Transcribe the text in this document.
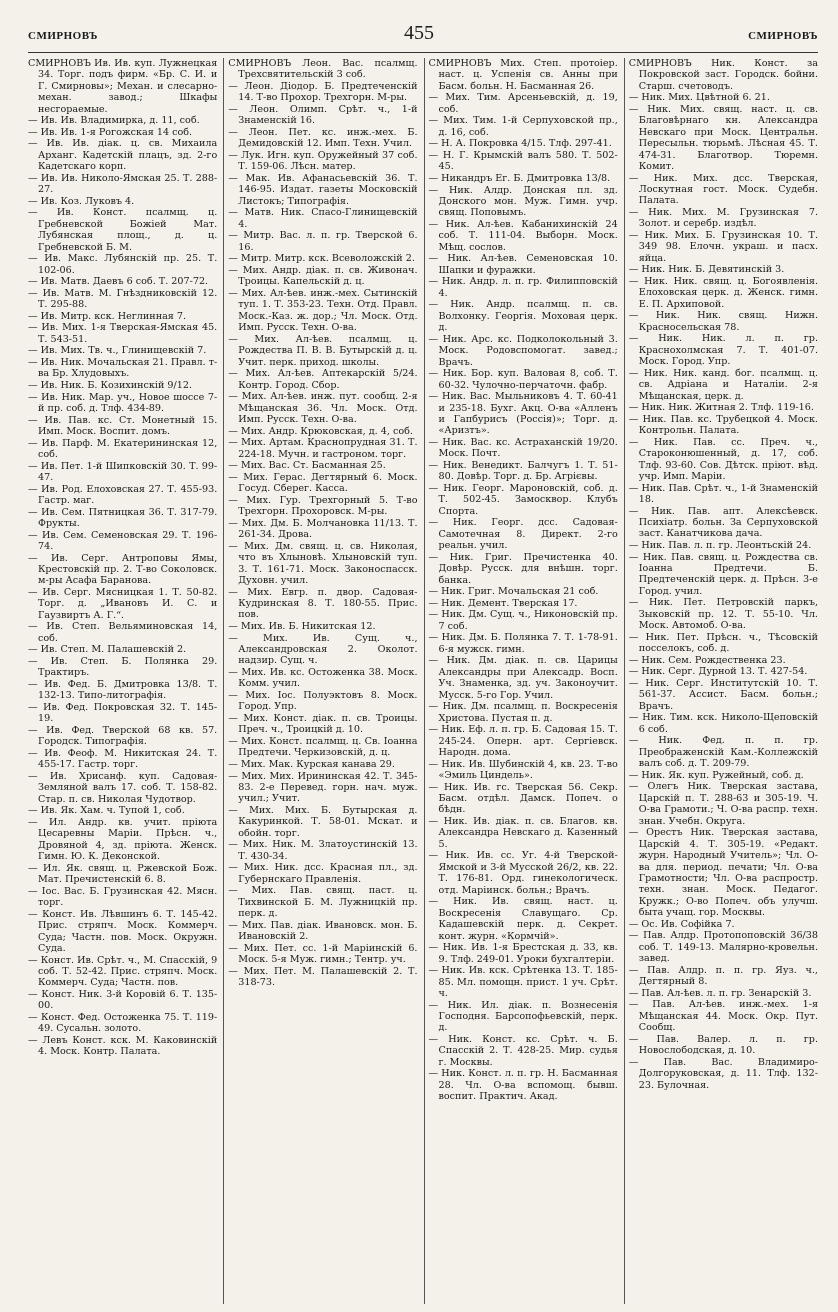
СМИРНОВЪ	455	СМИРНОВЪ
СМИРНОВЪ Ив. Ив. куп. Лужнецкая 34. Торг. подъ фирм. «Бр. С. И. и Г. Смирновы»; Механ. и слесарно-механ. завод.; Шкафы несгораемые.
— Ив. Ив. Владимирка, д. 11, соб.
— Ив. Ив. 1-я Рогожская 14 соб.
— Ив. Ив. діак. ц. св. Михаила Арханг. Кадетскій плацъ, зд. 2-го Кадетскаго корп.
— Ив. Ив. Николо-Ямская 25. Т. 288-27.
— Ив. Коз. Луковъ 4.
— Ив. Конст. псалмщ. ц. Гребневской Божіей Мат. Лубянская площ., д. ц. Гребневской Б. М.
— Ив. Макс. Лубянскій пр. 25. Т. 102-06.
— Ив. Матв. Даевъ 6 соб. Т. 207-72.
— Ив. Матв. М. Гнѣздниковскій 12. Т. 295-88.
— Ив. Митр. кск. Неглинная 7.
— Ив. Мих. 1-я Тверская-Ямская 45. Т. 543-51.
— Ив. Мих. Тв. ч., Глинищевскій 7.
— Ив. Ник. Мочальская 21. Правл. т-ва Бр. Хлудовыхъ.
— Ив. Ник. Б. Козихинскій 9/12.
— Ив. Ник. Мар. уч., Новое шоссе 7-й пр. соб. д. Тлф. 434-89.
— Ив. Пав. кс. Ст. Монетный 15. Имп. Моск. Воспит. домъ.
— Ив. Парф. М. Екатерининская 12, соб.
— Ив. Пет. 1-й Шипковскій 30. Т. 99-47.
— Ив. Род. Елоховская 27. Т. 455-93. Гастр. маг.
— Ив. Сем. Пятницкая 36. Т. 317-79. Фрукты.
— Ив. Сем. Семеновская 29. Т. 196-74.
— Ив. Серг. Антроповы Ямы, Крестовскій пр. 2. Т-во Соколовск. м-ры Асафа Баранова.
— Ив. Серг. Мясницкая 1. Т. 50-82. Торг. д. „Ивановъ И. С. и Гаузвиртъ А. Г.“.
— Ив. Степ. Вельяминовская 14, соб.
— Ив. Степ. М. Палашевскій 2.
— Ив. Степ. Б. Полянка 29. Трактиръ.
— Ив. Фед. Б. Дмитровка 13/8. Т. 132-13. Типо-литографія.
— Ив. Фед. Покровская 32. Т. 145-19.
— Ив. Фед. Тверской 68 кв. 57. Городск. Типографія.
— Ив. Феоф. М. Никитская 24. Т. 455-17. Гастр. торг.
— Ив. Хрисанф. куп. Садовая-Земляной валъ 17. соб. Т. 158-82. Стар. п. св. Николая Чудотвор.
— Ив. Як. Хам. ч. Тупой 1, соб.
— Ил. Андр. кв. учит. пріюта Цесаревны Маріи. Прѣсн. ч., Дровяной 4, зд. пріюта. Женск. Гимн. Ю. К. Деконской.
— Ил. Як. свящ. ц. Ржевской Бож. Мат. Пречистенскій 6. 8.
— Іос. Вас. Б. Грузинская 42. Мясн. торг.
— Конст. Ив. Лѣвшинъ 6. Т. 145-42. Прис. стряпч. Моск. Коммерч. Суда; Частн. пов. Моск. Окружн. Суда.
— Конст. Ив. Срѣт. ч., М. Спасскій, 9 соб. Т. 52-42. Прис. стряпч. Моск. Коммерч. Суда; Частн. пов.
— Конст. Ник. 3-й Коровій 6. Т. 135-00.
— Конст. Фед. Остоженка 75. Т. 119-49. Сусальн. золото.
— Левъ Конст. кск. М. Каковинскій 4. Моск. Контр. Палата.
СМИРНОВЪ Леон. Вас. псалмщ. Трехсвятительскій 3 соб.
— Леон. Діодор. Б. Предтеченскій 14. Т-во Прохор. Трехгорн. М-ры.
— Леон. Олимп. Срѣт. ч., 1-й Знаменскій 16.
— Леон. Пет. кс. инж.-мех. Б. Демидовскій 12. Имп. Техн. Учил.
— Лук. Игн. куп. Оружейный 37 соб. Т. 159-06. Лѣсн. матер.
— Мак. Ив. Афанасьевскій 36. Т. 146-95. Издат. газеты Московскій Листокъ; Типографія.
— Матв. Ник. Спасо-Глинищевскій 4.
— Митр. Вас. л. п. гр. Тверской 6. 16.
— Митр. Митр. кск. Всеволожскій 2.
— Мих. Андр. діак. п. св. Живонач. Троицы. Капельскій д. ц.
— Мих. Ал-ѣев. инж.-мех. Сытинскій туп. 1. Т. 353-23. Техн. Отд. Правл. Моск.-Каз. ж. дор.; Чл. Моск. Отд. Имп. Русск. Техн. О-ва.
— Мих. Ал-ѣев. псалмщ. ц. Рождества П. В. В. Бутырскій д. ц. Учит. перк. приход. школы.
— Мих. Ал-ѣев. Аптекарскій 5/24. Контр. Город. Сбор.
— Мих. Ал-ѣев. инж. пут. сообщ. 2-я Мѣщанская 36. Чл. Моск. Отд. Имп. Русск. Техн. О-ва.
— Мих. Андр. Крюковская, д. 4, соб.
— Мих. Артам. Краснопрудная 31. Т. 224-18. Мучн. и гастроном. торг.
— Мих. Вас. Ст. Басманная 25.
— Мих. Герас. Дегтярный 6. Моск. Госуд. Сберег. Касса.
— Мих. Гур. Трехгорный 5. Т-во Трехгорн. Прохоровск. М-ры.
— Мих. Дм. Б. Молчановка 11/13. Т. 261-34. Дрова.
— Мих. Дм. свящ. ц. св. Николая, что въ Хлыновѣ. Хлыновскій туп. 3. Т. 161-71. Моск. Законоспасск. Духовн. учил.
— Мих. Евгр. п. двор. Садовая-Кудринская 8. Т. 180-55. Прис. пов.
— Мих. Ив. Б. Никитская 12.
— Мих. Ив. Сущ. ч., Александровская 2. Околот. надзир. Сущ. ч.
— Мих. Ив. кс. Остоженка 38. Моск. Комм. учил.
— Мих. Іос. Полуэктовъ 8. Моск. Город. Упр.
— Мих. Конст. діак. п. св. Троицы. Преч. ч., Троицкій д. 10.
— Мих. Конст. псалмщ. ц. Св. Іоанна Предтечи. Черкизовскій, д. ц.
— Мих. Мак. Курская канава 29.
— Мих. Мих. Ирининская 42. Т. 345-83. 2-е Перевед. горн. нач. муж. учил.; Учит.
— Мих. Мих. Б. Бутырская д. Какуринкой. Т. 58-01. Мскат. и обойн. торг.
— Мих. Ник. М. Златоустинскій 13. Т. 430-34.
— Мих. Ник. дсс. Красная пл., зд. Губернскаго Правленія.
— Мих. Пав. свящ. паст. ц. Тихвинской Б. М. Лужницкій пр. перк. д.
— Мих. Пав. діак. Ивановск. мон. Б. Ивановскій 2.
— Мих. Пет. сс. 1-й Маріинскій 6. Моск. 5-я Муж. гимн.; Тентр. уч.
— Мих. Пет. М. Палашевскій 2. Т. 318-73.
СМИРНОВЪ Мих. Степ. протоіер. наст. ц. Успенія св. Анны при Басм. больн. Н. Басманная 26.
— Мих. Тим. Арсеньевскій, д. 19, соб.
— Мих. Тим. 1-й Серпуховской пр., д. 16, соб.
— Н. А. Покровка 4/15. Тлф. 297-41.
— Н. Г. Крымскій валъ 580. Т. 502-45.
— Никандръ Ег. Б. Дмитровка 13/8.
— Ник. Алдр. Донская пл. зд. Донского мон. Муж. Гимн. учр. свящ. Поповымъ.
— Ник. Ал-ѣев. Кабанихинскій 24 соб. Т. 111-04. Выборн. Моск. Мѣщ. сослов.
— Ник. Ал-ѣев. Семеновская 10. Шапки и фуражки.
— Ник. Андр. л. п. гр. Филипповскій 4.
— Ник. Андр. псалмщ. п. св. Волхонку. Георгія. Моховая церк. д.
— Ник. Арс. кс. Подколокольный 3. Моск. Родовспомогат. завед.; Врачъ.
— Ник. Бор. куп. Валовая 8, соб. Т. 60-32. Чулочно-перчаточн. фабр.
— Ник. Вас. Мыльниковъ 4. Т. 60-41 и 235-18. Бухг. Акц. О-ва «Алленъ и Гапбурисъ (Россія)»; Торг. д. «Аризтъ».
— Ник. Вас. кс. Астраханскій 19/20. Моск. Почт.
— Ник. Венедикт. Балчугъ 1. Т. 51-80. Довѣр. Торг. д. Бр. Агрієвы.
— Ник. Георг. Мароновскій, соб. д. Т. 502-45. Замосквор. Клубъ Спорта.
— Ник. Георг. дсс. Садовая-Самотечная 8. Директ. 2-го реальн. учил.
— Ник. Григ. Пречистенка 40. Довѣр. Русск. для внѣшн. торг. банка.
— Ник. Григ. Мочальская 21 соб.
— Ник. Демент. Тверская 17.
— Ник. Дм. Сущ. ч., Никоновскій пр. 7 соб.
— Ник. Дм. Б. Полянка 7. Т. 1-78-91. 6-я мужск. гимн.
— Ник. Дм. діак. п. св. Царицы Александры при Алексадр. Восп. Уч. Знаменка, зд. уч. Законоучит. Мусск. 5-го Гор. Учил.
— Ник. Дм. псалмщ. п. Воскресенія Христова. Пустая п. д.
— Ник. Еф. л. п. гр. Б. Садовая 15. Т. 245-24. Оперн. арт. Сергіевск. Народн. дома.
— Ник. Ив. Шубинскій 4, кв. 23. Т-во «Эмиль Циндель».
— Ник. Ив. гс. Тверская 56. Секр. Басм. отдѣл. Дамск. Попеч. о бѣдн.
— Ник. Ив. діак. п. св. Благов. кв. Александра Невскаго д. Казенный 5.
— Ник. Ив. сс. Уг. 4-й Тверской-Ямской и 3-й Мусской 26/2, кв. 22. Т. 176-81. Орд. гинекологическ. отд. Маріинск. больн.; Врачъ.
— Ник. Ив. свящ. наст. ц. Воскресенія Славущаго. Ср. Кадашевскій перк. д. Секрет. конт. журн. «Кормчій».
— Ник. Ив. 1-я Брестская д. 33, кв. 9. Тлф. 249-01. Уроки бухгалтеріи.
— Ник. Ив. кск. Срѣтенка 13. Т. 185-85. Мл. помощн. прист. 1 уч. Срѣт. ч.
— Ник. Ил. діак. п. Вознесенія Господня. Барсопофьевскій, перк. д.
— Ник. Конст. кс. Срѣт. ч. Б. Спасскій 2. Т. 428-25. Мир. судья г. Москвы.
— Ник. Конст. л. п. гр. Н. Басманная 28. Чл. О-ва вспомощ. бывш. воспит. Практич. Акад.
СМИРНОВЪ Ник. Конст. за Покровской заст. Городск. бойни. Старш. счетоводъ.
— Ник. Мих. Цвѣтной 6. 21.
— Ник. Мих. свящ. наст. ц. св. Благовѣрнаго кн. Александра Невскаго при Моск. Центральн. Пересыльн. тюрьмѣ. Лѣсная 45. Т. 474-31. Благотвор. Тюремн. Комит.
— Ник. Мих. дсс. Тверская, Лоскутная гост. Моск. Судебн. Палата.
— Ник. Мих. М. Грузинская 7. Золот. и серебр. издѣл.
— Ник. Мих. Б. Грузинская 10. Т. 349 98. Елочн. украш. и пасх. яйца.
— Ник. Ник. Б. Девятинскій 3.
— Ник. Ник. свящ. ц. Богоявленія. Елоховская церк. д. Женск. гимн. Е. П. Архиповой.
— Ник. Ник. свящ. Нижн. Красносельская 78.
— Ник. Ник. л. п. гр. Краснохолмская 7. Т. 401-07. Моск. Город. Упр.
— Ник. Ник. канд. бог. псалмщ. ц. св. Адріана и Наталіи. 2-я Мѣщанская, церк. д.
— Ник. Ник. Житная 2. Тлф. 119-16.
— Ник. Пав. кс. Трубецкой 4. Моск. Контрольн. Палата.
— Ник. Пав. сс. Преч. ч., Староконюшенный, д. 17, соб. Тлф. 93-60. Сов. Дѣтск. пріют. вѣд. учр. Имп. Маріи.
— Ник. Пав. Срѣт. ч., 1-й Знаменскій 18.
— Ник. Пав. апт. Алексѣевск. Психіатр. больн. За Серпуховской заст. Канатчикова дача.
— Ник. Пав. л. п. гр. Леонтьскій 24.
— Ник. Пав. свящ. ц. Рождества св. Іоанна Предтечи. Б. Предтеченскій церк. д. Прѣсн. 3-е Город. учил.
— Ник. Пет. Петровскій паркъ, Зыковскій пр. 12. Т. 55-10. Чл. Моск. Автомоб. О-ва.
— Ник. Пет. Прѣсн. ч., Тѣсовскій посселокъ, соб. д.
— Ник. Сем. Рождественка 23.
— Ник. Серг. Дурной 13. Т. 427-54.
— Ник. Серг. Институтскій 10. Т. 561-37. Ассист. Басм. больн.; Врачъ.
— Ник. Тим. кск. Николо-Щеповскій 6 соб.
— Ник. Фед. п. п. гр. Преображенскій Кам.-Коллежскій валъ соб. д. Т. 209-79.
— Ник. Як. куп. Ружейный, соб. д.
— Олегъ Ник. Тверская застава, Царскій п. Т. 288-63 и 305-19. Ч. О-ва Грамоти.; Ч. О-ва распр. техн. знан. Учебн. Округа.
— Орестъ Ник. Тверская застава, Царскій 4. Т. 305-19. «Редакт. журн. Народный Учитель»; Чл. О-ва для. период. печати; Чл. О-ва Грамотности; Чл. О-ва распростр. техн. знан. Моск. Педагог. Кружк.; О-во Попеч. объ улучш. быта учащ. гор. Москвы.
— Ос. Ив. Софійка 7.
— Пав. Алдр. Протопоповскій 36/38 соб. Т. 149-13. Малярно-кровельн. завед.
— Пав. Алдр. п. п. гр. Яуз. ч., Дегтярный 8.
— Пав. Ал-ѣев. л. п. гр. Зенарскій 3.
— Пав. Ал-ѣев. инж.-мех. 1-я Мѣщанская 44. Моск. Окр. Пут. Сообщ.
— Пав. Валер. л. п. гр. Новослободская, д. 10.
— Пав. Вас. Владимиро-Долгоруковская, д. 11. Тлф. 132-23. Булочная.
